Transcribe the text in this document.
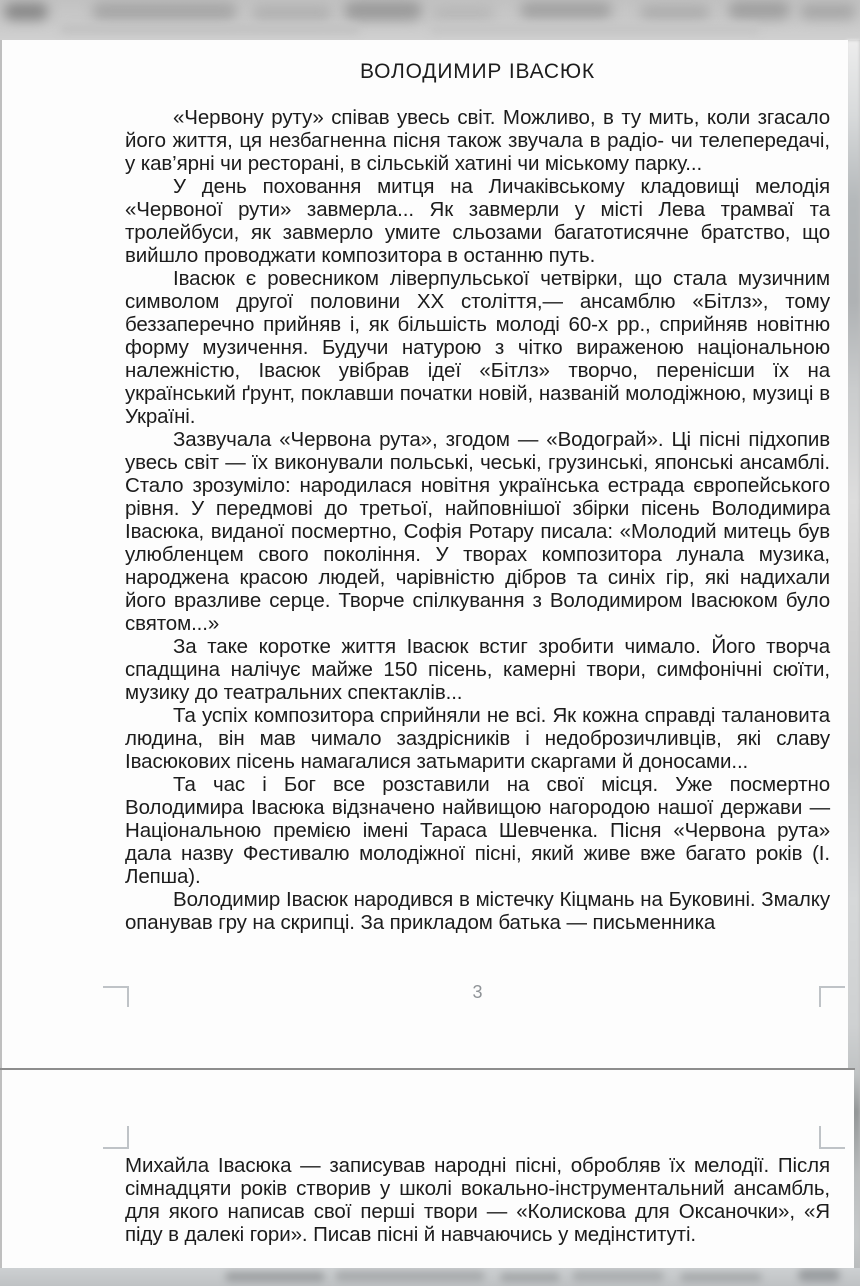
ВОЛОДИМИР ІВАСЮК

«Червону руту» співав увесь світ. Можливо, в ту мить, коли згасало його життя, ця незбагненна пісня також звучала в радіо- чи телепередачі, у кав’ярні чи ресторані, в сільській хатині чи міському парку...

У день поховання митця на Личаківському кладовищі мелодія «Червоної рути» завмерла... Як завмерли у місті Лева трамваї та тролейбуси, як завмерло умите сльозами багатотисячне братство, що вийшло проводжати композитора в останню путь.

Івасюк є ровесником ліверпульської четвірки, що стала музичним символом другої половини XX століття,— ансамблю «Бітлз», тому беззаперечно прийняв і, як більшість молоді 60-х рр., сприйняв новітню форму музичення. Будучи натурою з чітко вираженою національною належністю, Івасюк увібрав ідеї «Бітлз» творчо, перенісши їх на український ґрунт, поклавши початки новій, названій молодіжною, музиці в Україні.

Зазвучала «Червона рута», згодом — «Водограй». Ці пісні підхопив увесь світ — їх виконували польські, чеські, грузинські, японські ансамблі. Стало зрозуміло: народилася новітня українська естрада європейського рівня. У передмові до третьої, найповнішої збірки пісень Володимира Івасюка, виданої посмертно, Софія Ротару писала: «Молодий митець був улюбленцем свого покоління. У творах композитора лунала музика, народжена красою людей, чарівністю дібров та синіх гір, які надихали його вразливе серце. Творче спілкування з Володимиром Івасюком було святом...»

За таке коротке життя Івасюк встиг зробити чимало. Його творча спадщина налічує майже 150 пісень, камерні твори, симфонічні сюїти, музику до театральних спектаклів...

Та успіх композитора сприйняли не всі. Як кожна справді талановита людина, він мав чимало заздрісників і недоброзичливців, які славу Івасюкових пісень намагалися затьмарити скаргами й доносами...

Та час і Бог все розставили на свої місця. Уже посмертно Володимира Івасюка відзначено найвищою нагородою нашої держави — Національною премією імені Тараса Шевченка. Пісня «Червона рута» дала назву Фестивалю молодіжної пісні, який живе вже багато років (І. Лепша).

Володимир Івасюк народився в містечку Кіцмань на Буковині. Змалку опанував гру на скрипці. За прикладом батька — письменника

3

Михайла Івасюка — записував народні пісні, обробляв їх мелодії. Після сімнадцяти років створив у школі вокально-інструментальний ансамбль, для якого написав свої перші твори — «Колискова для Оксаночки», «Я піду в далекі гори». Писав пісні й навчаючись у медінституті.
